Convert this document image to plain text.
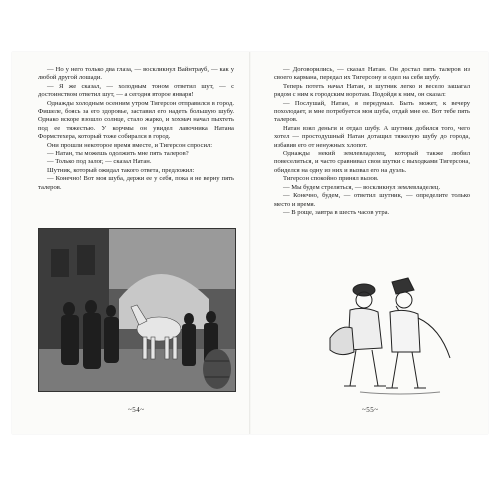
— Но у него только два глаза, — воскликнул Вайнтрауб, — как у любой другой лошади.

— Я же сказал, — холодным тоном ответил шут, — с достоинством ответил шут, — а сегодня второе января!

Однажды холодным осенним утром Тигерсон отправился в город. Фишеле, боясь за его здоровье, заставил его надеть большую шубу. Однако вскоре взошло солнце, стало жарко, и хохмач начал пыхтеть под ее тяжестью. У корчмы он увидел лавочника Натана Формстехера, который тоже собирался в город.

Они прошли некоторое время вместе, и Тигерсон спросил:

— Натан, ты можешь одолжить мне пять талеров?

— Только под залог, — сказал Натан.

Шутник, который ожидал такого ответа, предложил:

— Конечно! Вот моя шуба, держи ее у себя, пока я не верну пять талеров.

— Договорились, — сказал Натан. Он достал пять талеров из своего кармана, передал их Тигерсону и одел на себя шубу.

Теперь потеть начал Натан, и шутник легко и весело зашагал рядом с ним к городским воротам. Подойдя к ним, он сказал:

— Послушай, Натан, я передумал. Быть может, к вечеру похолодает, и мне потребуется моя шуба, отдай мне ее. Вот тебе пять талеров.

Натан взял деньги и отдал шубу. А шутник добился того, чего хотел — простодушный Натан дотащил тяжелую шубу до города, избавив его от ненужных хлопот.

Однажды некий землевладелец, который также любил повеселиться, и часто сравнивал свои шутки с выходками Тигерсона, обиделся на одну из них и вызвал его на дуэль.

Тигерсон спокойно принял вызов.

— Мы будем стреляться, — воскликнул землевладелец.

— Конечно, будем, — ответил шутник, — определите только место и время.

— В роще, завтра в шесть часов утра.

~54~	~55~
